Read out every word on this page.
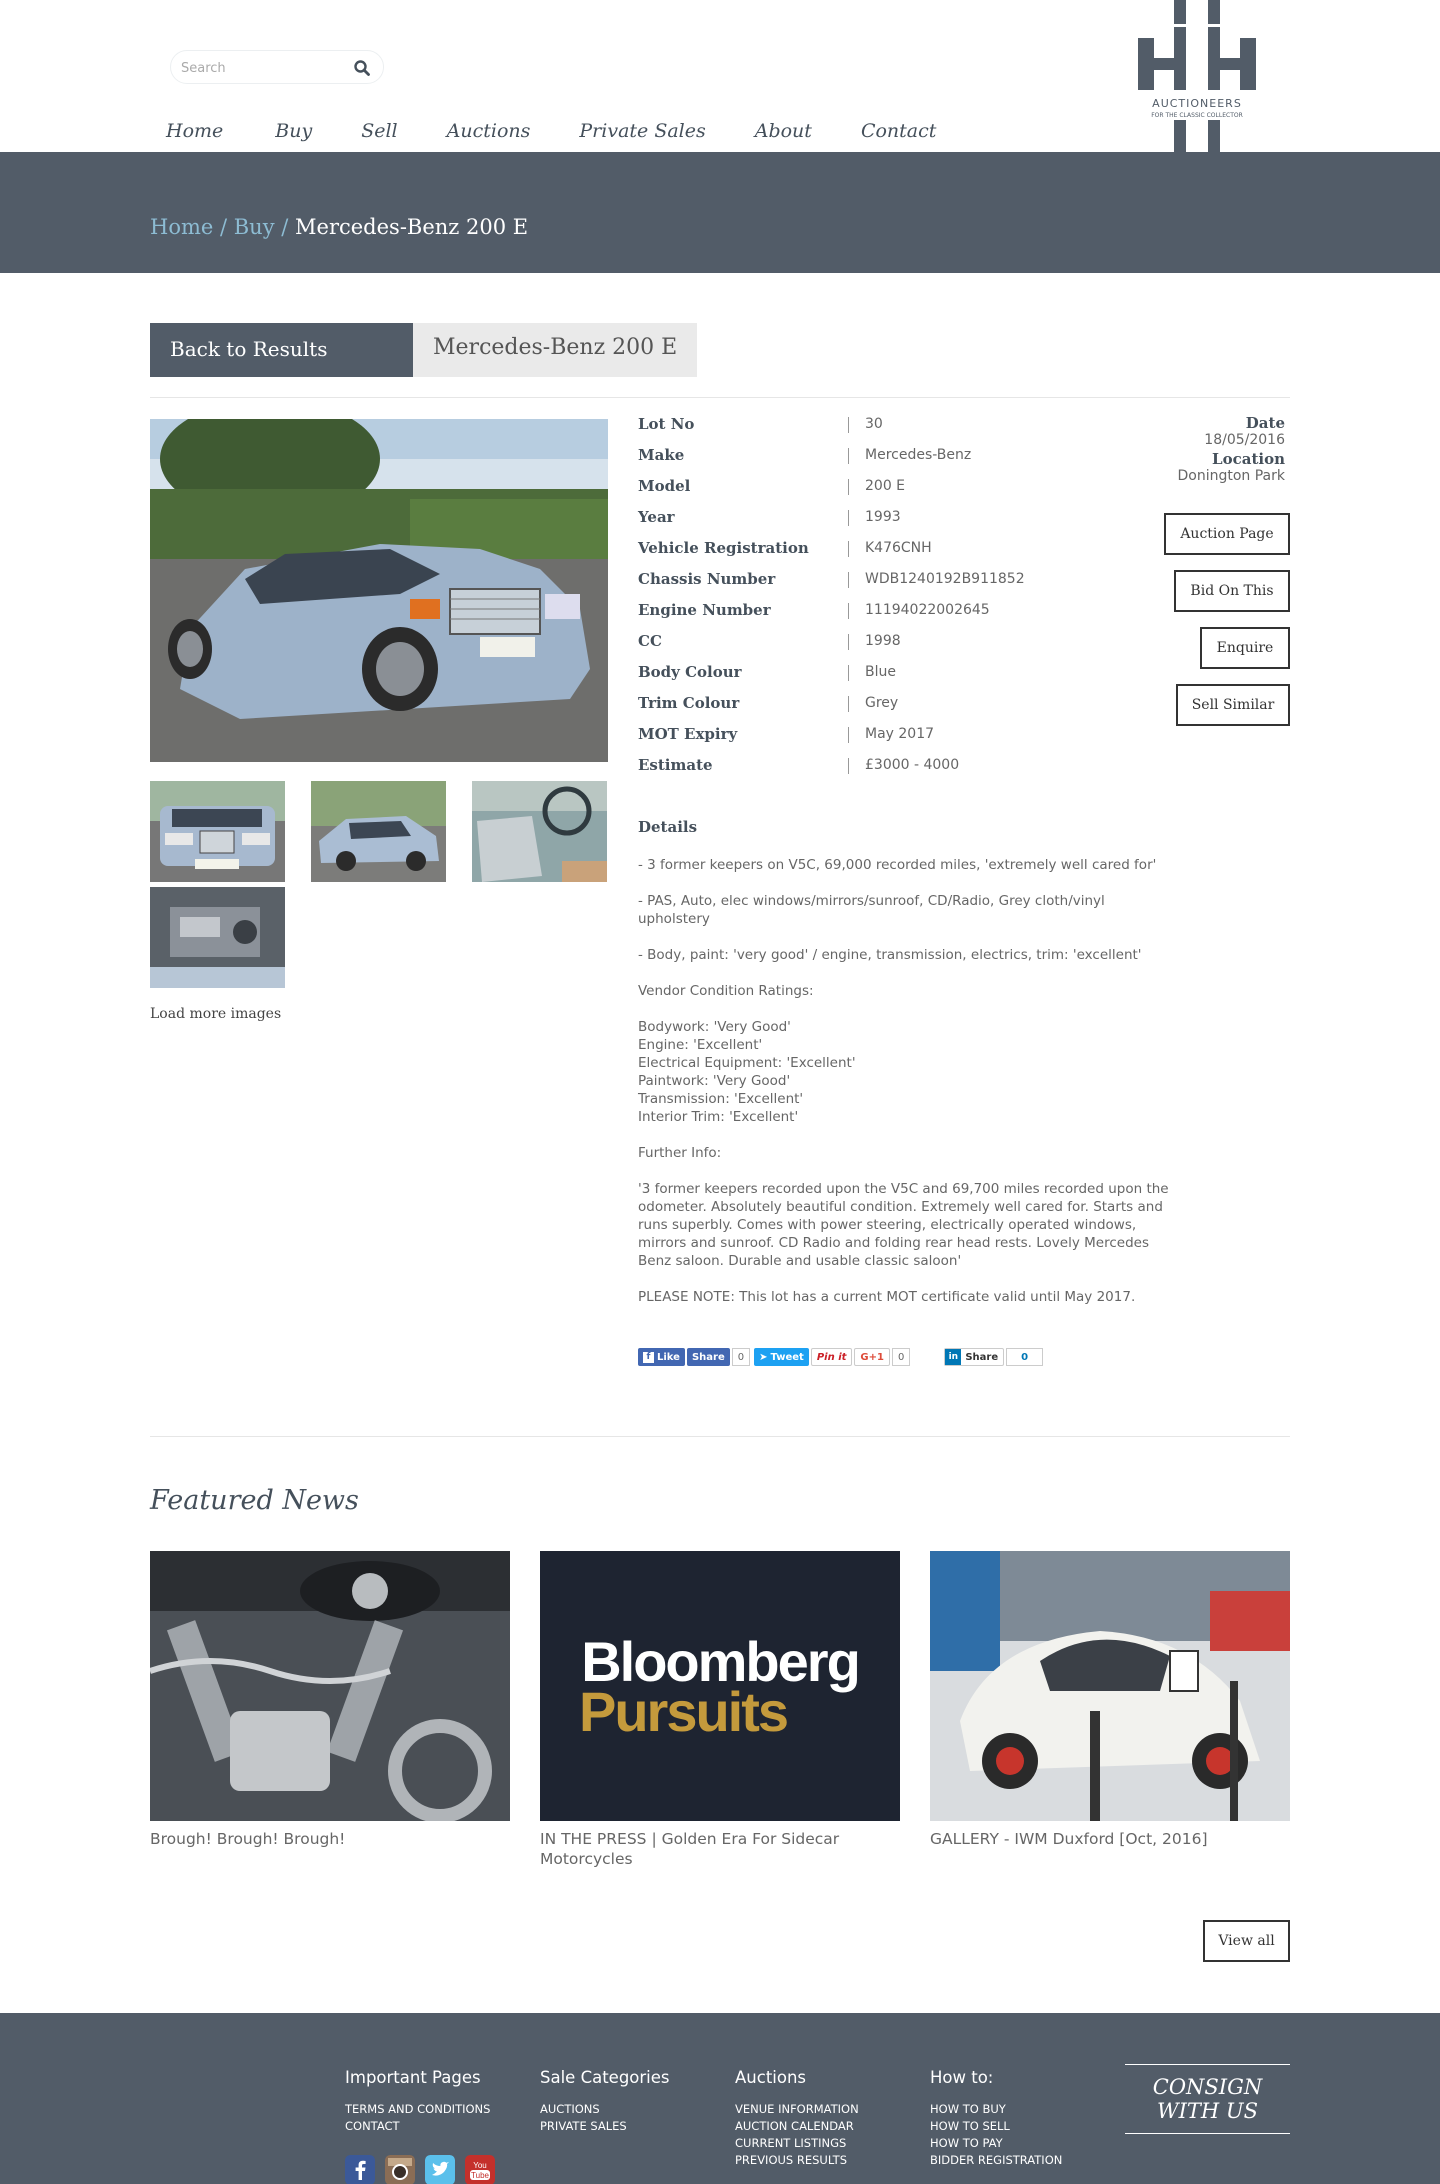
Search
Home	Buy	Sell	Auctions	Private Sales	About	Contact
AND
AUCTIONEERS
FOR THE CLASSIC COLLECTOR
Home / Buy / Mercedes-Benz 200 E
Back to Results	Mercedes-Benz 200 E
Load more images
Lot No	30
Make	Mercedes-Benz
Model	200 E
Year	1993
Vehicle Registration	K476CNH
Chassis Number	WDB1240192B911852
Engine Number	11194022002645
CC	1998
Body Colour	Blue
Trim Colour	Grey
MOT Expiry	May 2017
Estimate	£3000 - 4000
Date
18/05/2016
Location
Donington Park
Auction Page
Bid On This
Enquire
Sell Similar
Details

- 3 former keepers on V5C, 69,000 recorded miles, 'extremely well cared for'

- PAS, Auto, elec windows/mirrors/sunroof, CD/Radio, Grey cloth/vinyl upholstery

- Body, paint: 'very good' / engine, transmission, electrics, trim: 'excellent'

Vendor Condition Ratings:

Bodywork: 'Very Good'
Engine: 'Excellent'
Electrical Equipment: 'Excellent'
Paintwork: 'Very Good'
Transmission: 'Excellent'
Interior Trim: 'Excellent'

Further Info:

'3 former keepers recorded upon the V5C and 69,700 miles recorded upon the odometer. Absolutely beautiful condition. Extremely well cared for. Starts and runs superbly. Comes with power steering, electrically operated windows, mirrors and sunroof. CD Radio and folding rear head rests. Lovely Mercedes Benz saloon. Durable and usable classic saloon'

PLEASE NOTE: This lot has a current MOT certificate valid until May 2017.

f Like	Share	0	➤ Tweet	Pin it	G+1	0	in Share	0
Featured News
Bloomberg
Pursuits
Brough! Brough! Brough!	IN THE PRESS | Golden Era For Sidecar Motorcycles
GALLERY - IWM Duxford [Oct, 2016]
View all
Important Pages
TERMS AND CONDITIONS
CONTACT
Sale Categories
AUCTIONS
PRIVATE SALES
Auctions
VENUE INFORMATION
AUCTION CALENDAR
CURRENT LISTINGS
PREVIOUS RESULTS
How to:
HOW TO BUY
HOW TO SELL
HOW TO PAY
BIDDER REGISTRATION
CONSIGN WITH US
You
Tube
